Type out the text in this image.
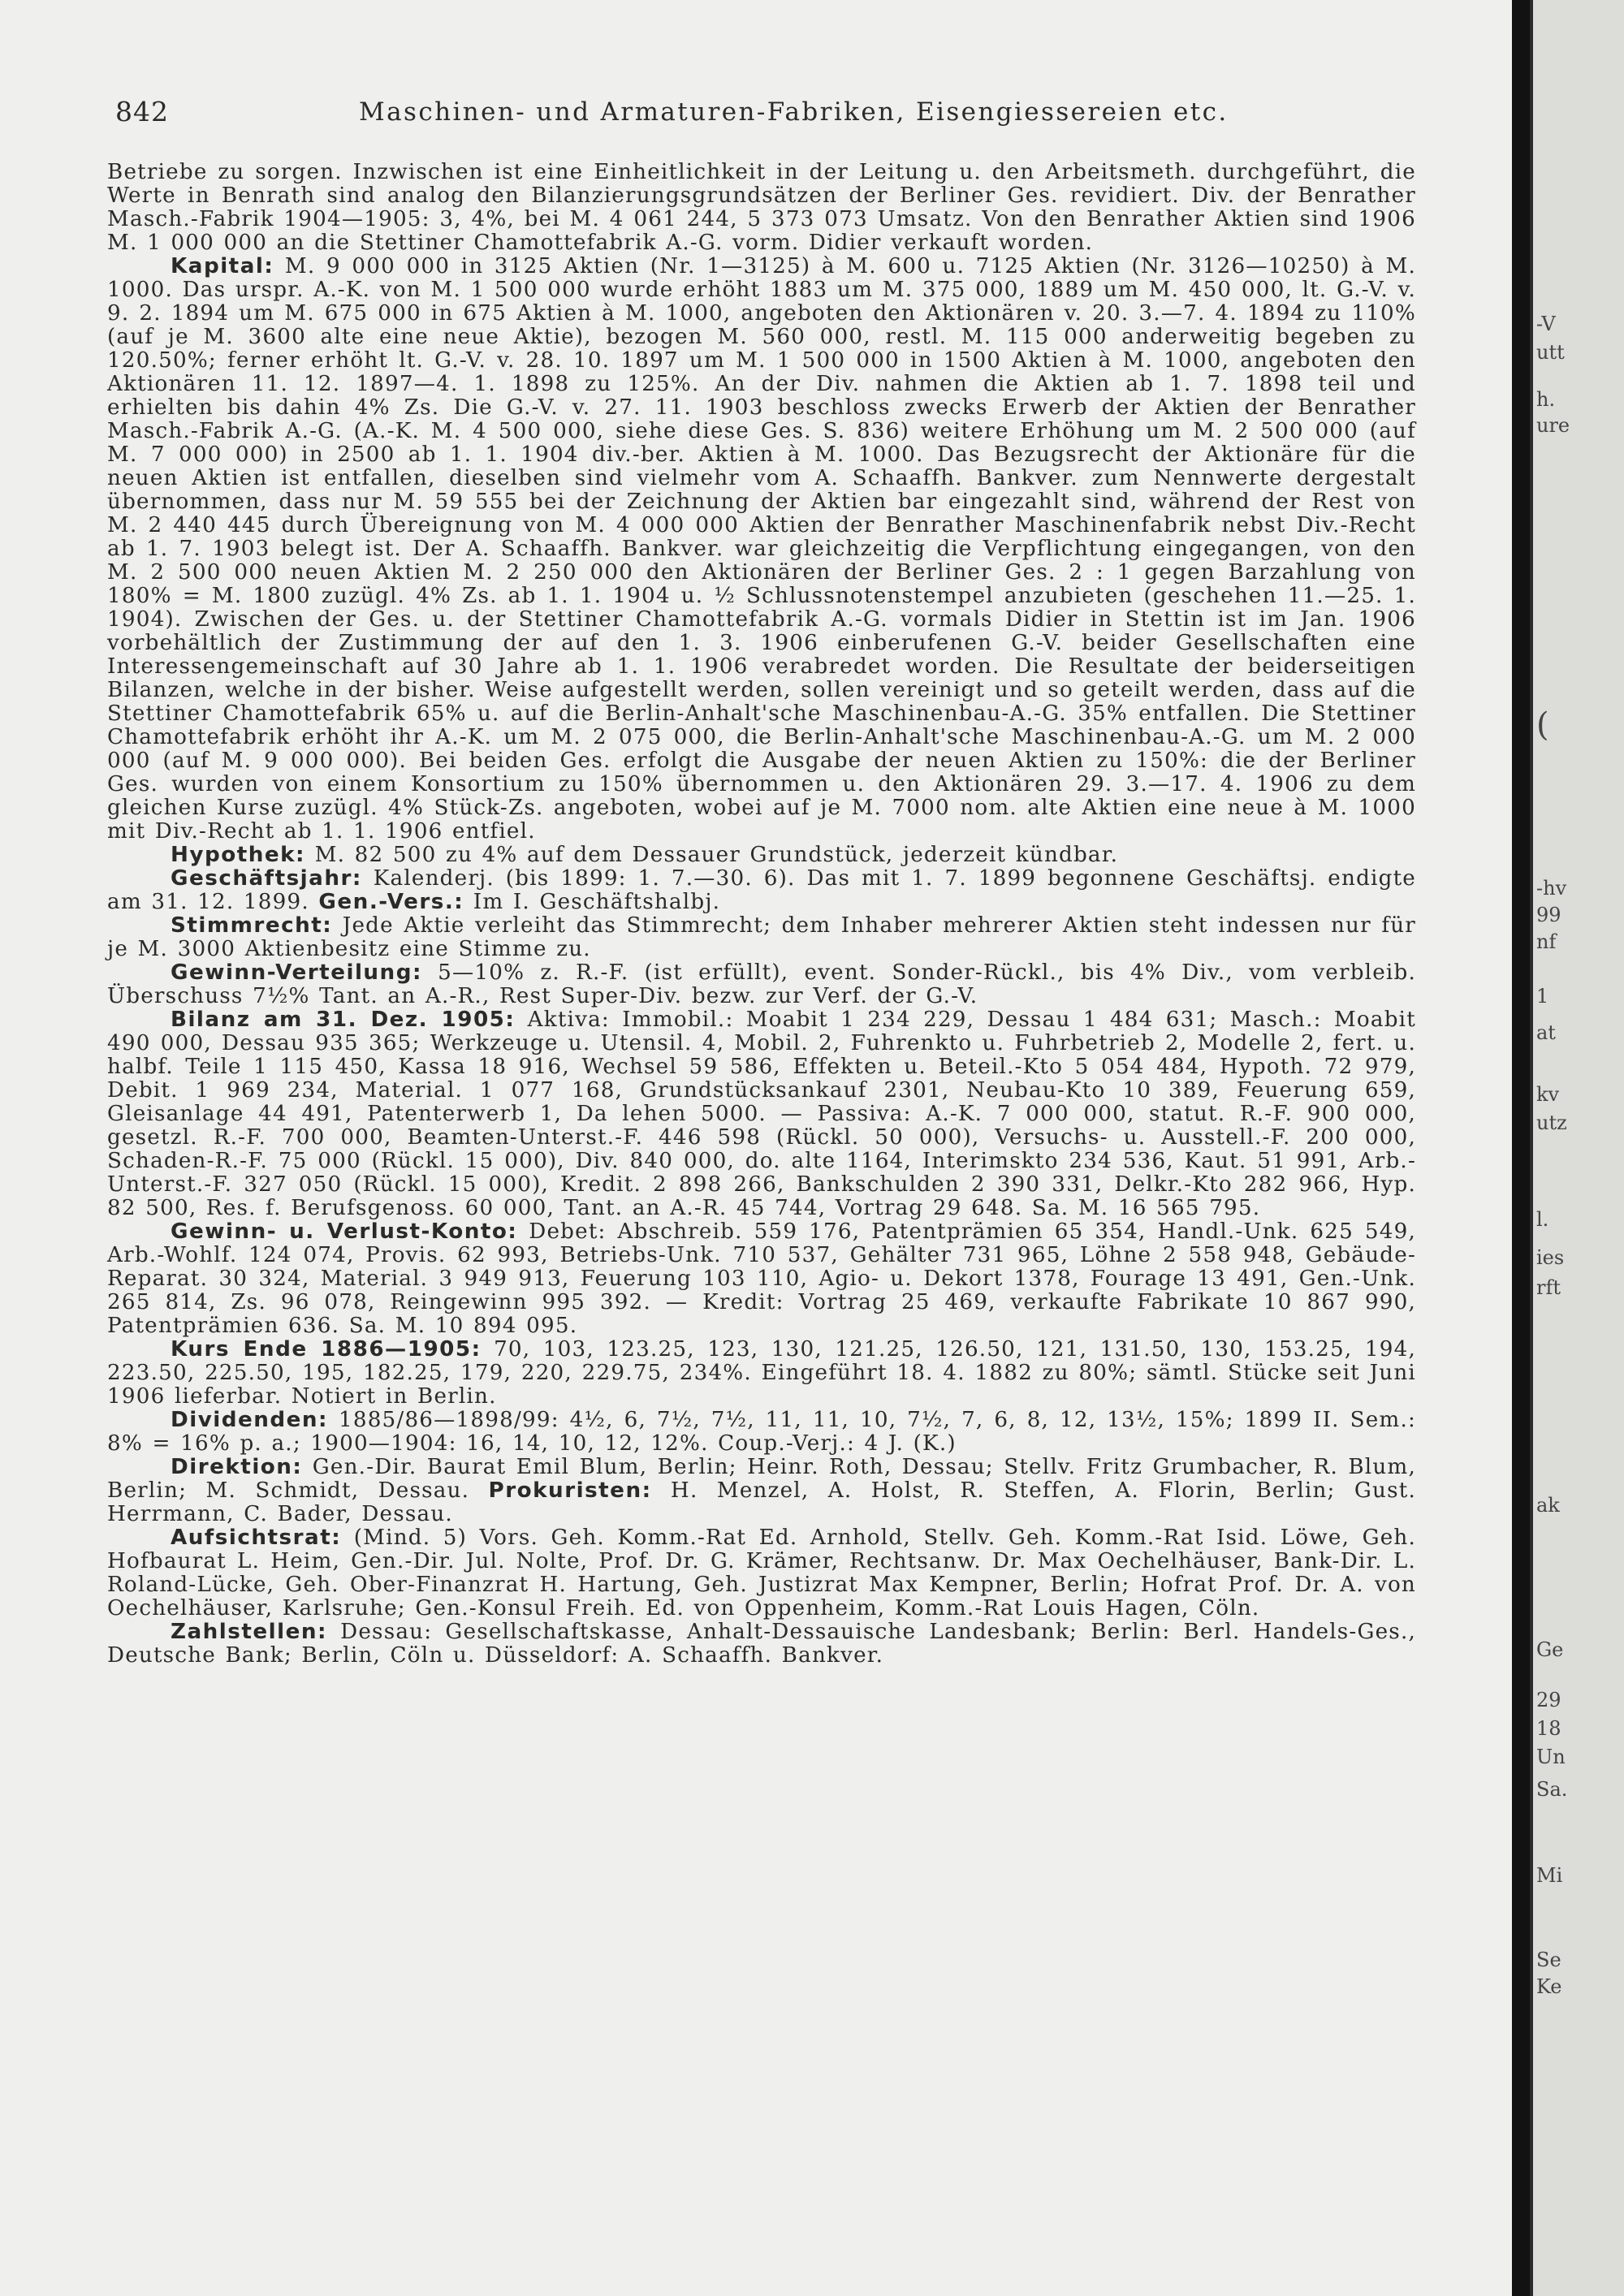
842	Maschinen- und Armaturen-Fabriken, Eisengiessereien etc.

Betriebe zu sorgen. Inzwischen ist eine Einheitlichkeit in der Leitung u. den Arbeitsmeth. durchgeführt, die Werte in Benrath sind analog den Bilanzierungsgrundsätzen der Berliner Ges. revidiert. Div. der Benrather Masch.-Fabrik 1904—1905: 3, 4%, bei M. 4 061 244, 5 373 073 Umsatz. Von den Benrather Aktien sind 1906 M. 1 000 000 an die Stettiner Chamottefabrik A.-G. vorm. Didier verkauft worden.

Kapital: M. 9 000 000 in 3125 Aktien (Nr. 1—3125) à M. 600 u. 7125 Aktien (Nr. 3126—10250) à M. 1000. Das urspr. A.-K. von M. 1 500 000 wurde erhöht 1883 um M. 375 000, 1889 um M. 450 000, lt. G.-V. v. 9. 2. 1894 um M. 675 000 in 675 Aktien à M. 1000, angeboten den Aktionären v. 20. 3.—7. 4. 1894 zu 110% (auf je M. 3600 alte eine neue Aktie), bezogen M. 560 000, restl. M. 115 000 anderweitig begeben zu 120.50%; ferner erhöht lt. G.-V. v. 28. 10. 1897 um M. 1 500 000 in 1500 Aktien à M. 1000, angeboten den Aktionären 11. 12. 1897—4. 1. 1898 zu 125%. An der Div. nahmen die Aktien ab 1. 7. 1898 teil und erhielten bis dahin 4% Zs. Die G.-V. v. 27. 11. 1903 beschloss zwecks Erwerb der Aktien der Benrather Masch.-Fabrik A.-G. (A.-K. M. 4 500 000, siehe diese Ges. S. 836) weitere Erhöhung um M. 2 500 000 (auf M. 7 000 000) in 2500 ab 1. 1. 1904 div.-ber. Aktien à M. 1000. Das Bezugsrecht der Aktionäre für die neuen Aktien ist entfallen, dieselben sind vielmehr vom A. Schaaffh. Bankver. zum Nennwerte dergestalt übernommen, dass nur M. 59 555 bei der Zeichnung der Aktien bar eingezahlt sind, während der Rest von M. 2 440 445 durch Übereignung von M. 4 000 000 Aktien der Benrather Maschinenfabrik nebst Div.-Recht ab 1. 7. 1903 belegt ist. Der A. Schaaffh. Bankver. war gleichzeitig die Verpflichtung eingegangen, von den M. 2 500 000 neuen Aktien M. 2 250 000 den Aktionären der Berliner Ges. 2 : 1 gegen Barzahlung von 180% = M. 1800 zuzügl. 4% Zs. ab 1. 1. 1904 u. ½ Schlussnotenstempel anzubieten (geschehen 11.—25. 1. 1904). Zwischen der Ges. u. der Stettiner Chamottefabrik A.-G. vormals Didier in Stettin ist im Jan. 1906 vorbehältlich der Zustimmung der auf den 1. 3. 1906 einberufenen G.-V. beider Gesellschaften eine Interessengemeinschaft auf 30 Jahre ab 1. 1. 1906 verabredet worden. Die Resultate der beiderseitigen Bilanzen, welche in der bisher. Weise aufgestellt werden, sollen vereinigt und so geteilt werden, dass auf die Stettiner Chamottefabrik 65% u. auf die Berlin-Anhalt'sche Maschinenbau-A.-G. 35% entfallen. Die Stettiner Chamottefabrik erhöht ihr A.-K. um M. 2 075 000, die Berlin-Anhalt'sche Maschinenbau-A.-G. um M. 2 000 000 (auf M. 9 000 000). Bei beiden Ges. erfolgt die Ausgabe der neuen Aktien zu 150%: die der Berliner Ges. wurden von einem Konsortium zu 150% übernommen u. den Aktionären 29. 3.—17. 4. 1906 zu dem gleichen Kurse zuzügl. 4% Stück-Zs. angeboten, wobei auf je M. 7000 nom. alte Aktien eine neue à M. 1000 mit Div.-Recht ab 1. 1. 1906 entfiel.

Hypothek: M. 82 500 zu 4% auf dem Dessauer Grundstück, jederzeit kündbar.

Geschäftsjahr: Kalenderj. (bis 1899: 1. 7.—30. 6). Das mit 1. 7. 1899 begonnene Geschäftsj. endigte am 31. 12. 1899. Gen.-Vers.: Im I. Geschäftshalbj.

Stimmrecht: Jede Aktie verleiht das Stimmrecht; dem Inhaber mehrerer Aktien steht indessen nur für je M. 3000 Aktienbesitz eine Stimme zu.

Gewinn-Verteilung: 5—10% z. R.-F. (ist erfüllt), event. Sonder-Rückl., bis 4% Div., vom verbleib. Überschuss 7½% Tant. an A.-R., Rest Super-Div. bezw. zur Verf. der G.-V.

Bilanz am 31. Dez. 1905: Aktiva: Immobil.: Moabit 1 234 229, Dessau 1 484 631; Masch.: Moabit 490 000, Dessau 935 365; Werkzeuge u. Utensil. 4, Mobil. 2, Fuhrenkto u. Fuhrbetrieb 2, Modelle 2, fert. u. halbf. Teile 1 115 450, Kassa 18 916, Wechsel 59 586, Effekten u. Beteil.-Kto 5 054 484, Hypoth. 72 979, Debit. 1 969 234, Material. 1 077 168, Grundstücksankauf 2301, Neubau-Kto 10 389, Feuerung 659, Gleisanlage 44 491, Patenterwerb 1, Da lehen 5000. — Passiva: A.-K. 7 000 000, statut. R.-F. 900 000, gesetzl. R.-F. 700 000, Beamten-Unterst.-F. 446 598 (Rückl. 50 000), Versuchs- u. Ausstell.-F. 200 000, Schaden-R.-F. 75 000 (Rückl. 15 000), Div. 840 000, do. alte 1164, Interimskto 234 536, Kaut. 51 991, Arb.-Unterst.-F. 327 050 (Rückl. 15 000), Kredit. 2 898 266, Bankschulden 2 390 331, Delkr.-Kto 282 966, Hyp. 82 500, Res. f. Berufsgenoss. 60 000, Tant. an A.-R. 45 744, Vortrag 29 648. Sa. M. 16 565 795.

Gewinn- u. Verlust-Konto: Debet: Abschreib. 559 176, Patentprämien 65 354, Handl.-Unk. 625 549, Arb.-Wohlf. 124 074, Provis. 62 993, Betriebs-Unk. 710 537, Gehälter 731 965, Löhne 2 558 948, Gebäude-Reparat. 30 324, Material. 3 949 913, Feuerung 103 110, Agio- u. Dekort 1378, Fourage 13 491, Gen.-Unk. 265 814, Zs. 96 078, Reingewinn 995 392. — Kredit: Vortrag 25 469, verkaufte Fabrikate 10 867 990, Patentprämien 636. Sa. M. 10 894 095.

Kurs Ende 1886—1905: 70, 103, 123.25, 123, 130, 121.25, 126.50, 121, 131.50, 130, 153.25, 194, 223.50, 225.50, 195, 182.25, 179, 220, 229.75, 234%. Eingeführt 18. 4. 1882 zu 80%; sämtl. Stücke seit Juni 1906 lieferbar. Notiert in Berlin.

Dividenden: 1885/86—1898/99: 4½, 6, 7½, 7½, 11, 11, 10, 7½, 7, 6, 8, 12, 13½, 15%; 1899 II. Sem.: 8% = 16% p. a.; 1900—1904: 16, 14, 10, 12, 12%. Coup.-Verj.: 4 J. (K.)

Direktion: Gen.-Dir. Baurat Emil Blum, Berlin; Heinr. Roth, Dessau; Stellv. Fritz Grumbacher, R. Blum, Berlin; M. Schmidt, Dessau. Prokuristen: H. Menzel, A. Holst, R. Steffen, A. Florin, Berlin; Gust. Herrmann, C. Bader, Dessau.

Aufsichtsrat: (Mind. 5) Vors. Geh. Komm.-Rat Ed. Arnhold, Stellv. Geh. Komm.-Rat Isid. Löwe, Geh. Hofbaurat L. Heim, Gen.-Dir. Jul. Nolte, Prof. Dr. G. Krämer, Rechtsanw. Dr. Max Oechelhäuser, Bank-Dir. L. Roland-Lücke, Geh. Ober-Finanzrat H. Hartung, Geh. Justizrat Max Kempner, Berlin; Hofrat Prof. Dr. A. von Oechelhäuser, Karlsruhe; Gen.-Konsul Freih. Ed. von Oppenheim, Komm.-Rat Louis Hagen, Cöln.

Zahlstellen: Dessau: Gesellschaftskasse, Anhalt-Dessauische Landesbank; Berlin: Berl. Handels-Ges., Deutsche Bank; Berlin, Cöln u. Düsseldorf: A. Schaaffh. Bankver.

-V
utt
h.
ure
(
-hv
99
nf
1
at
kv
utz
l.
ies
rft
ak
Ge
29
18
Un
Sa.
Mi
Se
Ke
